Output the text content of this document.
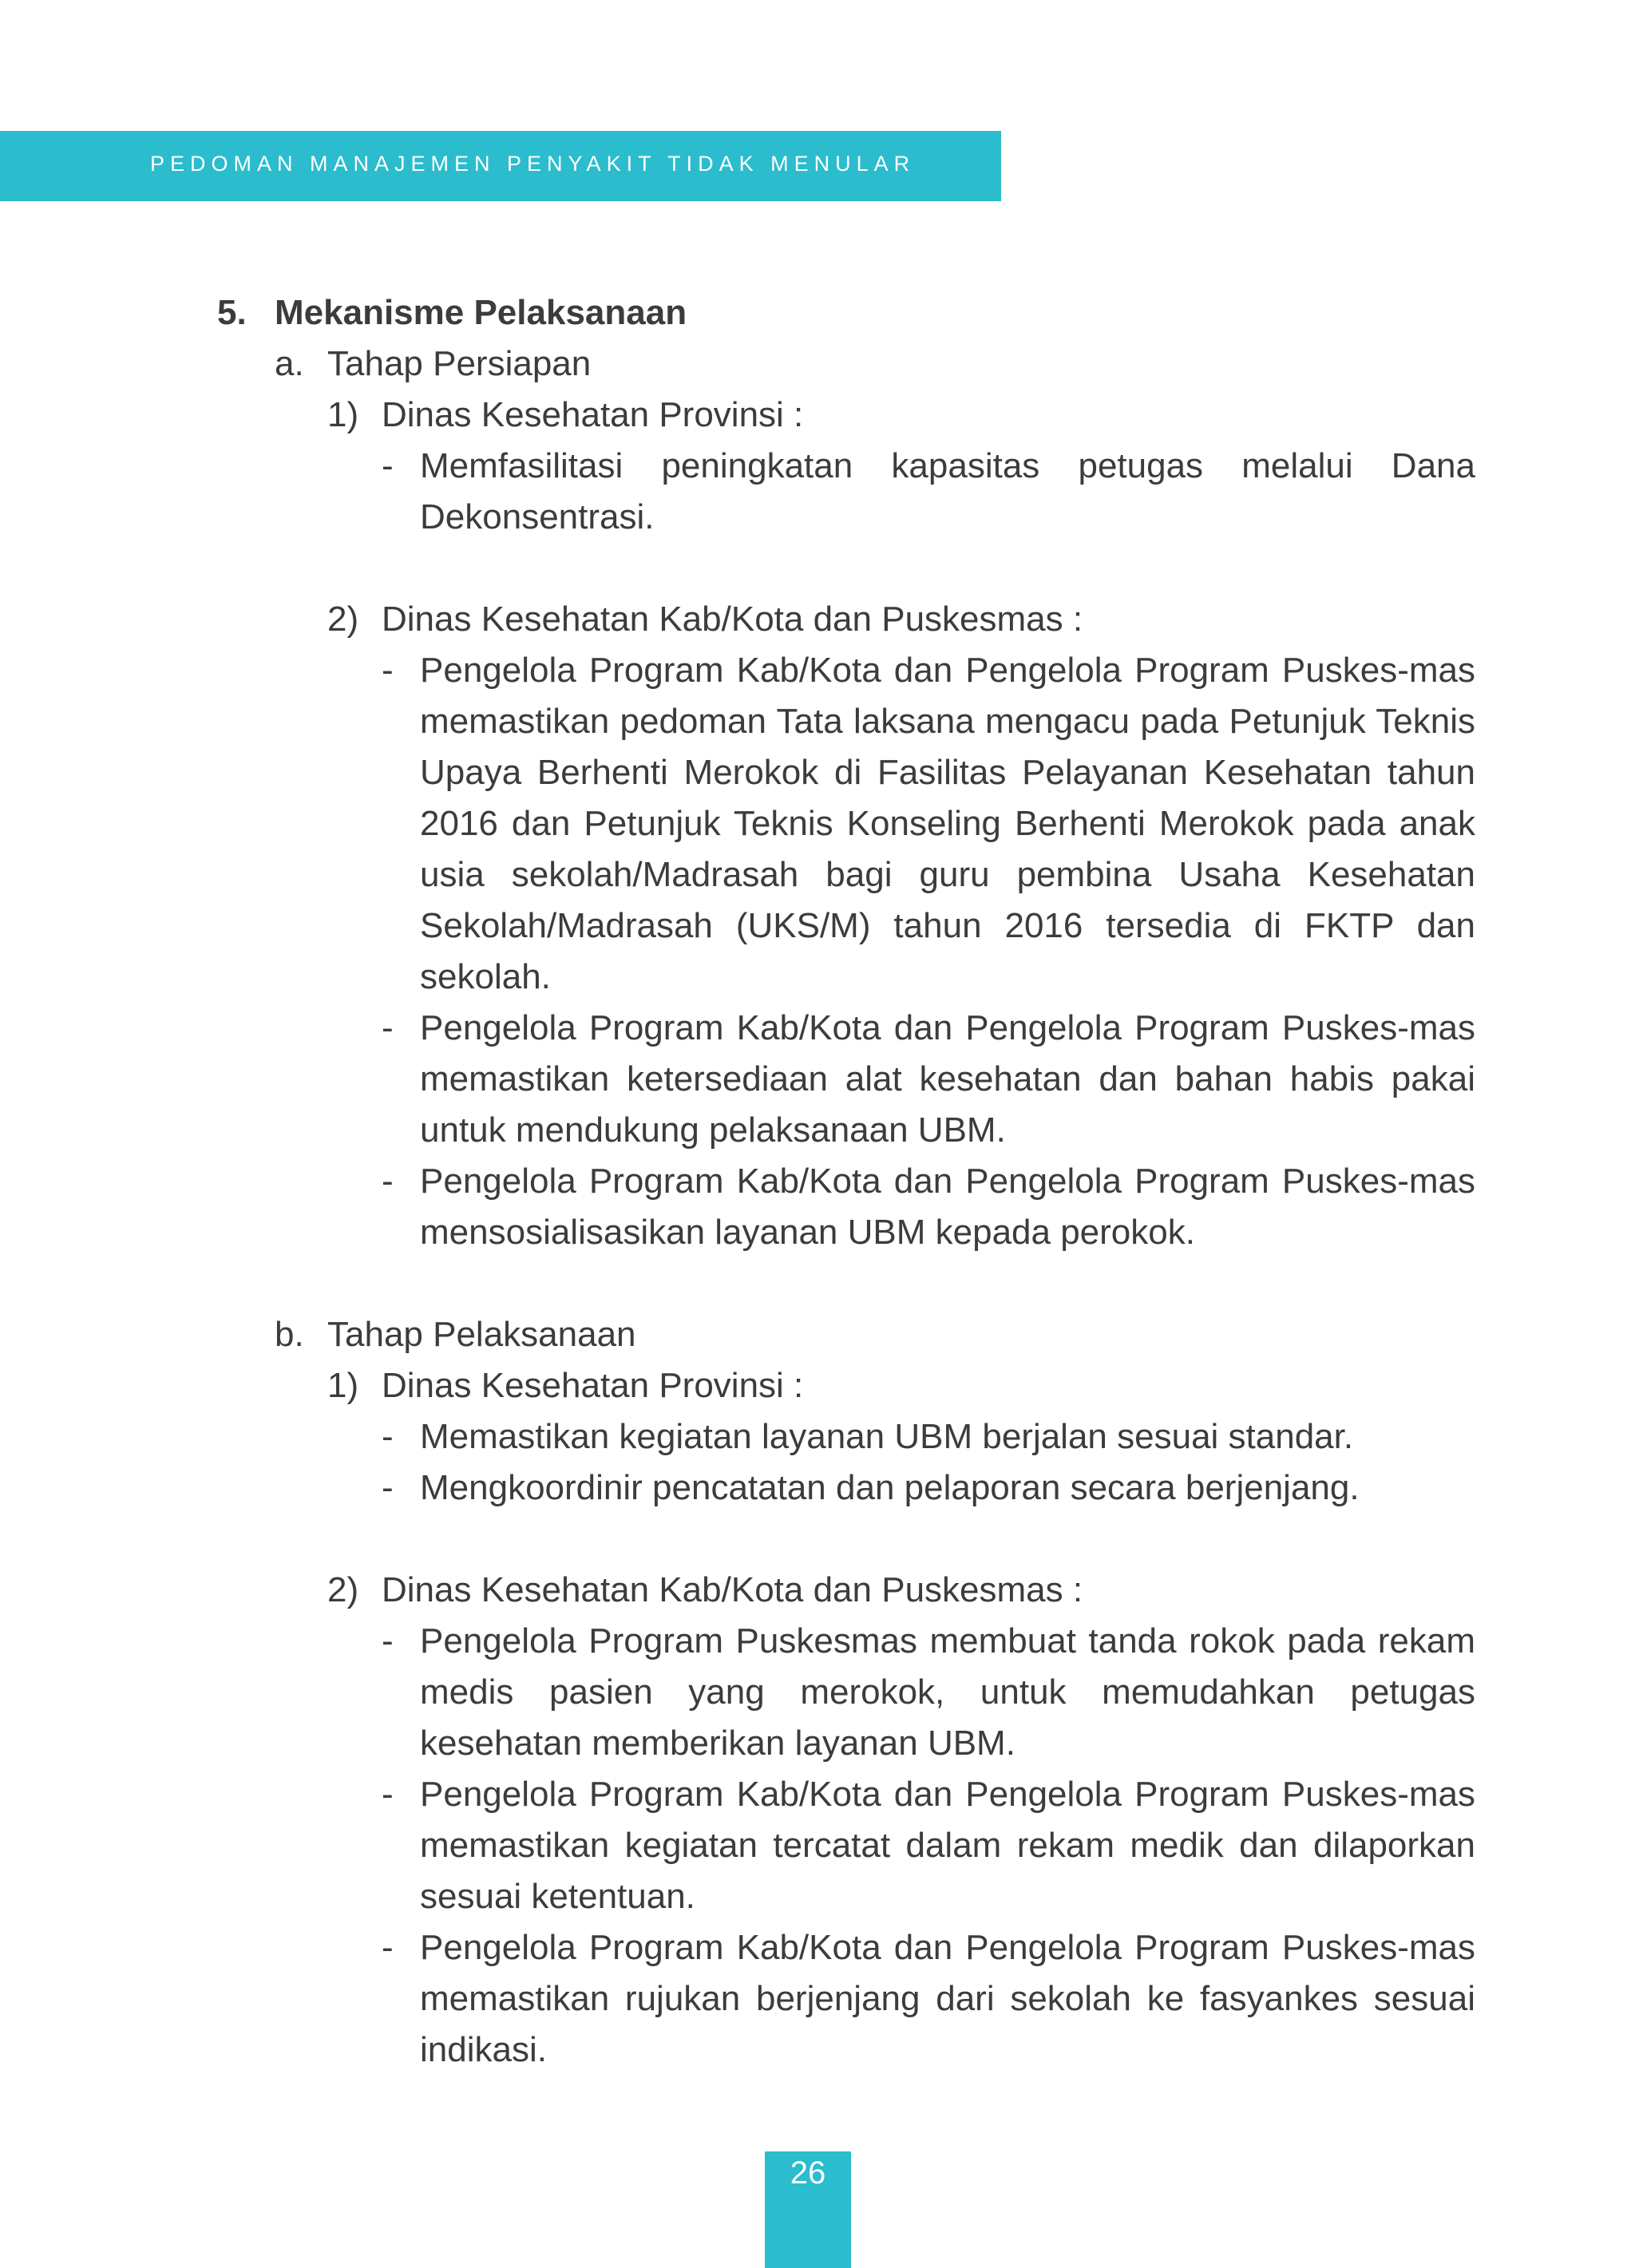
PEDOMAN MANAJEMEN PENYAKIT TIDAK MENULAR
5. Mekanisme Pelaksanaan
a. Tahap Persiapan
1) Dinas Kesehatan Provinsi :
- Memfasilitasi peningkatan kapasitas petugas melalui Dana Dekonsentrasi.
2) Dinas Kesehatan Kab/Kota dan Puskesmas :
- Pengelola Program Kab/Kota dan Pengelola Program Puskes-mas memastikan pedoman Tata laksana mengacu pada Petunjuk Teknis Upaya Berhenti Merokok di Fasilitas Pelayanan Kesehatan tahun 2016 dan Petunjuk Teknis Konseling Berhenti Merokok pada anak usia sekolah/Madrasah bagi guru pembina Usaha Kesehatan Sekolah/Madrasah (UKS/M) tahun 2016 tersedia di FKTP dan sekolah.
- Pengelola Program Kab/Kota dan Pengelola Program Puskes-mas memastikan ketersediaan alat kesehatan dan bahan habis pakai untuk mendukung pelaksanaan UBM.
- Pengelola Program Kab/Kota dan Pengelola Program Puskes-mas mensosialisasikan layanan UBM kepada perokok.
b. Tahap Pelaksanaan
1) Dinas Kesehatan Provinsi :
- Memastikan kegiatan layanan UBM berjalan sesuai standar.
- Mengkoordinir pencatatan dan pelaporan secara berjenjang.
2) Dinas Kesehatan Kab/Kota dan Puskesmas :
- Pengelola Program Puskesmas membuat tanda rokok pada rekam medis pasien yang merokok, untuk memudahkan petugas kesehatan memberikan layanan UBM.
- Pengelola Program Kab/Kota dan Pengelola Program Puskes-mas memastikan kegiatan tercatat dalam rekam medik dan dilaporkan sesuai ketentuan.
- Pengelola Program Kab/Kota dan Pengelola Program Puskes-mas memastikan rujukan berjenjang dari sekolah ke fasyankes sesuai indikasi.
26
